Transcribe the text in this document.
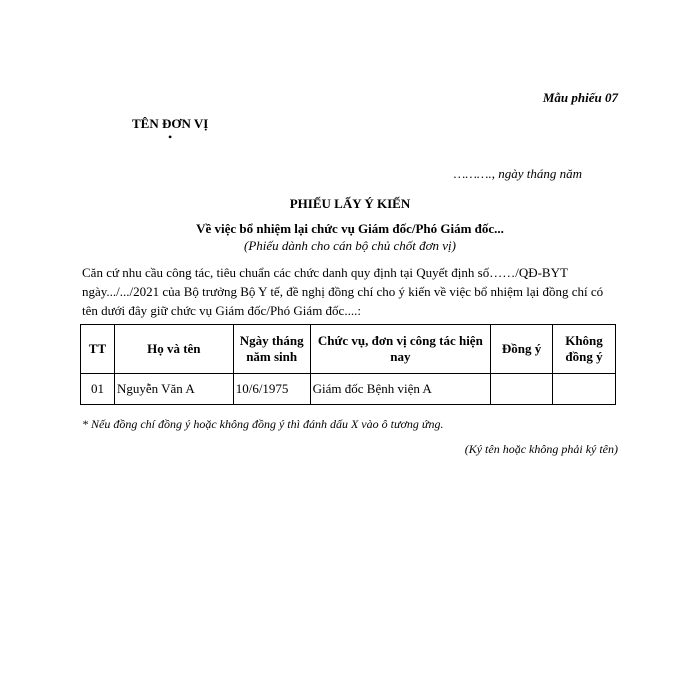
Mẫu phiếu 07
TÊN ĐƠN VỊ
•
………., ngày tháng năm
PHIẾU LẤY Ý KIẾN
Về việc bổ nhiệm lại chức vụ Giám đốc/Phó Giám đốc...
(Phiếu dành cho cán bộ chủ chốt đơn vị)
Căn cứ nhu cầu công tác, tiêu chuẩn các chức danh quy định tại Quyết định số……/QĐ-BYT ngày.../.../2021 của Bộ trưởng Bộ Y tế, đề nghị đồng chí cho ý kiến về việc bổ nhiệm lại đồng chí có tên dưới đây giữ chức vụ Giám đốc/Phó Giám đốc....:
TT	Họ và tên	Ngày tháng năm sinh	Chức vụ, đơn vị công tác hiện nay	Đồng ý	Không đồng ý
01	Nguyễn Văn A	10/6/1975	Giám đốc Bệnh viện A		
* Nếu đồng chí đồng ý hoặc không đồng ý thì đánh dấu X vào ô tương ứng.
(Ký tên hoặc không phải ký tên)
